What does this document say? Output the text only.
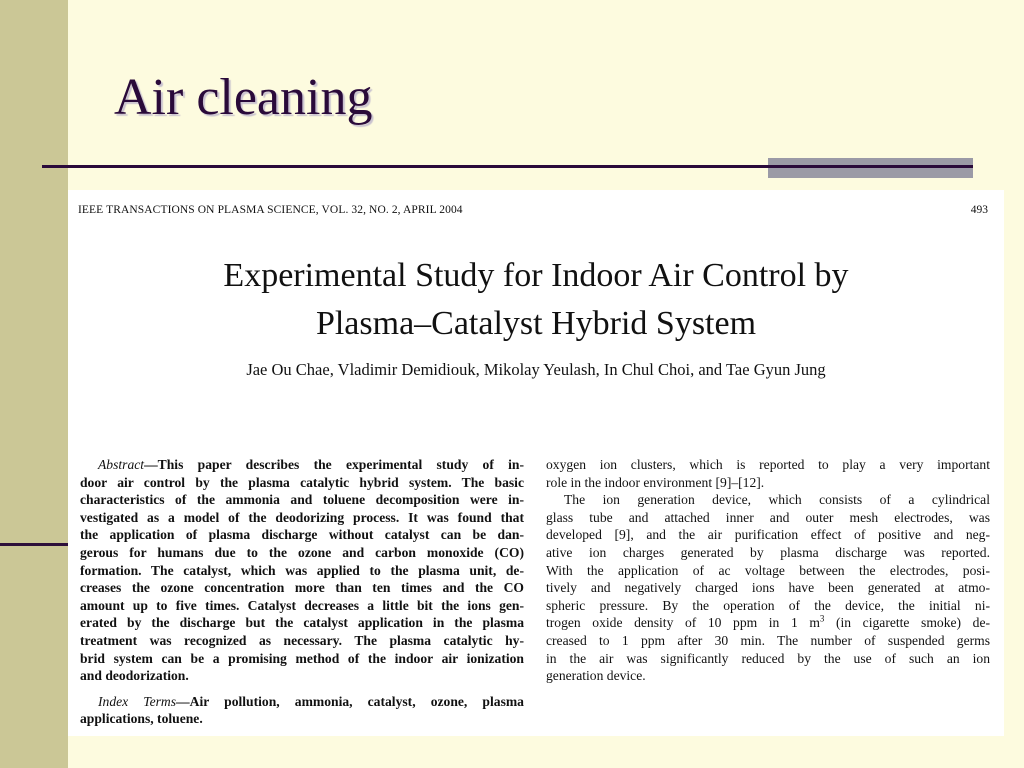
Air cleaning
IEEE TRANSACTIONS ON PLASMA SCIENCE, VOL. 32, NO. 2, APRIL 2004	493
Experimental Study for Indoor Air Control by
Plasma–Catalyst Hybrid System
Jae Ou Chae, Vladimir Demidiouk, Mikolay Yeulash, In Chul Choi, and Tae Gyun Jung
Abstract—This paper describes the experimental study of in-
door air control by the plasma catalytic hybrid system. The basic
characteristics of the ammonia and toluene decomposition were in-
vestigated as a model of the deodorizing process. It was found that
the application of plasma discharge without catalyst can be dan-
gerous for humans due to the ozone and carbon monoxide (CO)
formation. The catalyst, which was applied to the plasma unit, de-
creases the ozone concentration more than ten times and the CO
amount up to five times. Catalyst decreases a little bit the ions gen-
erated by the discharge but the catalyst application in the plasma
treatment was recognized as necessary. The plasma catalytic hy-
brid system can be a promising method of the indoor air ionization
and deodorization.
Index Terms—Air pollution, ammonia, catalyst, ozone, plasma
applications, toluene.
oxygen ion clusters, which is reported to play a very important
role in the indoor environment [9]–[12].
The ion generation device, which consists of a cylindrical
glass tube and attached inner and outer mesh electrodes, was
developed [9], and the air purification effect of positive and neg-
ative ion charges generated by plasma discharge was reported.
With the application of ac voltage between the electrodes, posi-
tively and negatively charged ions have been generated at atmo-
spheric pressure. By the operation of the device, the initial ni-
trogen oxide density of 10 ppm in 1 $m^3$ (in cigarette smoke) de-
creased to 1 ppm after 30 min. The number of suspended germs
in the air was significantly reduced by the use of such an ion
generation device.
